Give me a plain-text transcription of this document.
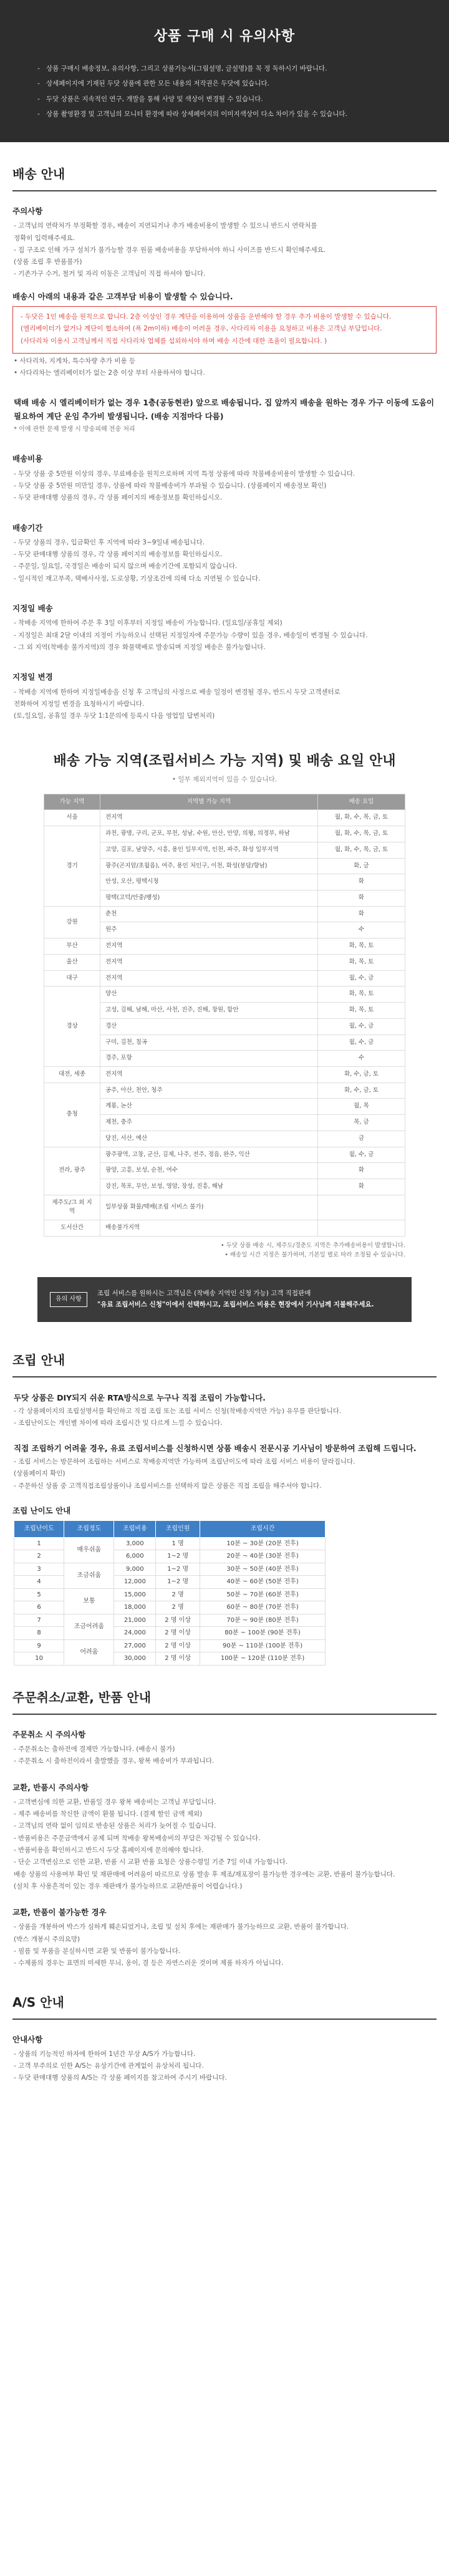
상품 구매 시 유의사항
- 상품 구매시 배송정보, 유의사항, 그리고 상품기능서(그림설명, 글설명)를 꼭 정 독하시기 바랍니다.
- 상세페이지에 기재된 두닷 상품에 관한 모든 내용의 저작권은 두닷에 있습니다.
- 두닷 상품은 지속적인 연구, 개발을 통해 사양 및 색상이 변경될 수 있습니다.
- 상품 촬영환경 및 고객님의 모니터 환경에 따라 상세페이지의 이미지색상이 다소 차이가 있을 수 있습니다.
배송 안내
주의사항
- 고객님의 연락처가 부정확할 경우, 배송이 지연되거나 추가 배송비용이 발생할 수 있으니 반드시 연락처를
정확히 입력해주세요.
- 집 구조로 인해 가구 설치가 불가능할 경우 원룸 배송비용을 부담하셔야 하니 사이즈를 반드시 확인해주세요.
(상품 조립 후 반품불가)
- 기존가구 수거, 철거 및 자리 이동은 고객님이 직접 하셔야 합니다.
배송시 아래의 내용과 같은 고객부담 비용이 발생할 수 있습니다.
- 두닷은 1인 배송을 원칙으로 합니다. 2층 이상인 경우 계단을 이용하여 상품을 운반해야 할 경우 추가 비용이 발생할 수 있습니다.
(엘리베이터가 없거나 계단이 협소하여 (폭 2m이하) 배송이 어려울 경우, 사다리차 이용을 요청하고 비용은 고객님 부담입니다.
(사다리차 이용시 고객님께서 직접 사다리차 업체를 섭외하셔야 하며 배송 시간에 대한 조율이 필요합니다. )
• 사다리차, 지게차, 특수차량 추가 비용 등
• 사다리차는 엘리베이터가 없는 2층 이상 부터 사용하셔야 합니다.
택배 배송 시 엘리베이터가 없는 경우 1층(공동현관) 앞으로 배송됩니다. 집 앞까지 배송을 원하는 경우 가구 이동에 도움이 필요하여 계단 운임 추가비 발생됩니다. (배송 지점마다 다름)
* 이에 관한 문제 발생 시 방송피해 전송 처리
배송비용
- 두닷 상품 중 5만원 이상의 경우, 무료배송을 원칙으로하며 지역 특정 상품에 따라 착불배송비용이 발생할 수 있습니다.
- 두닷 상품 중 5만원 미만일 경우, 상품에 따라 착불배송비가 부과될 수 있습니다. (상품페이지 배송정보 확인)
- 두닷 판매대행 상품의 경우, 각 상품 페이지의 배송정보를 확인하십시오.
배송기간
- 두닷 상품의 경우, 입금확인 후 지역에 따라 3~9일내 배송됩니다.
- 두닷 판매대행 상품의 경우, 각 상품 페이지의 배송정보를 확인하십시오.
- 주문일, 일요일, 국경일은 배송이 되지 않으며 배송기간에 포함되지 않습니다.
- 일시적인 재고부족, 택배사사정, 도로상황, 기상조건에 의해 다소 지연될 수 있습니다.
지정일 배송
- 착배송 지역에 한하여 주문 후 3일 이후부터 지정일 배송이 가능합니다. (일요일/공휴일 제외)
- 지정일은 최대 2달 이내의 지정이 가능하오니 선택된 지정일자에 주문가능 수량이 있을 경우, 배송일이 변경될 수 있습니다.
- 그 외 지역(착배송 불가지역)의 경우 화물택배로 발송되며 지정일 배송은 불가능합니다.
지정일 변경
- 착배송 지역에 한하여 지정일배송을 신청 후 고객님의 사정으로 배송 일정이 변경될 경우, 반드시 두닷 고객센터로
전화하여 지정일 변경을 요청하시기 바랍니다.
(토,일요일, 공휴일 경우 두닷 1:1문의에 등록시 다음 영업일 답변처리)
배송 가능 지역(조립서비스 가능 지역) 및 배송 요일 안내
• 일부 제외지역이 있을 수 있습니다.
가능 지역	지역별 가능 지역	배송 요일
서울	전지역	월, 화, 수, 목, 금, 토
경기	과천, 광명, 구리, 군포, 부천, 성남, 수원, 안산, 안양, 의왕, 의정부, 하남	월, 화, 수, 목, 금, 토
	고양, 김포, 남양주, 시흥, 용인 일부지역, 인천, 파주, 화성 일부지역	월, 화, 수, 목, 금, 토
	광주(곤지암/초월읍), 여주, 용인 처인구, 이천, 화성(봉담/향남)	화, 금
	안성, 오산, 평택시청	화
	평택(고덕/안중/팽성)	화
강원	춘천	화
	원주	수
부산	전지역	화, 목, 토
울산	전지역	화, 목, 토
대구	전지역	월, 수, 금
경상	양산	화, 목, 토
	고성, 김해, 남해, 마산, 사천, 진주, 진해, 창원, 함안	화, 목, 토
	경산	월, 수, 금
	구미, 김천, 칠곡	월, 수, 금
	경주, 포항	수
대전, 세종	전지역	화, 수, 금, 토
충청	공주, 아산, 천안, 청주	화, 수, 금, 토
	계룡, 논산	월, 목
	제천, 충주	목, 금
	당진, 서산, 예산	금
전라, 광주	광주광역, 고창, 군산, 김제, 나주, 전주, 정읍, 완주, 익산	월, 수, 금
	광양, 고흥, 보성, 순천, 여수	화
	강진, 목포, 무안, 보성, 영암, 장성, 진흥, 해남	화
제주도/그 외 지역	일부상품 화물/택배(조립 서비스 불가)	
도서산간	배송불가지역	
• 두닷 상품 배송 시, 제주도/경춘도 지역은 추가배송비용이 발생합니다.
• 배송일 시간 지정은 불가하며, 기본일 별로 따라 조정될 수 있습니다.
유의 사항
조립 서비스를 원하시는 고객님은 (착배송 지역인 신청 가능) 고객 직접판매
"유료 조립서비스 신청"이에서 선택하시고, 조립서비스 비용은 현장에서 기사님께 지불해주세요.
조립 안내
두닷 상품은 DIY되지 쉬운 RTA방식으로 누구나 직접 조립이 가능합니다.
- 각 상품페이지의 조립설명서를 확인하고 직접 조립 또는 조립 서비스 신청(착배송지역만 가능) 유무를 판단합니다.
- 조립난이도는 개인별 차이에 따라 조립시간 및 다르게 느낄 수 있습니다.
직접 조립하기 어려울 경우, 유료 조립서비스를 신청하시면 상품 배송시 전문시공 기사님이 방문하여 조립해 드립니다.
- 조립 서비스는 방문하여 조립하는 서비스로 착배송지역만 가능하며 조립난이도에 따라 조립 서비스 비용이 달라집니다.
(상품페이지 확인)
- 주문하신 상품 중 고객직접조립상품이나 조립서비스를 선택하지 않은 상품은 직접 조립을 해주셔야 합니다.
조립 난이도 안내
조립난이도	조립정도	조립비용	조립인원	조립시간
1	매우쉬움	3,000	1 명	10분 ~ 30분 (20분 전후)
2		6,000	1~2 명	20분 ~ 40분 (30분 전후)
3	조금쉬움	9,000	1~2 명	30분 ~ 50분 (40분 전후)
4		12,000	1~2 명	40분 ~ 60분 (50분 전후)
5	보통	15,000	2 명	50분 ~ 70분 (60분 전후)
6		18,000	2 명	60분 ~ 80분 (70분 전후)
7	조금어려움	21,000	2 명 이상	70분 ~ 90분 (80분 전후)
8		24,000	2 명 이상	80분 ~ 100분 (90분 전후)
9	어려움	27,000	2 명 이상	90분 ~ 110분 (100분 전후)
10		30,000	2 명 이상	100분 ~ 120분 (110분 전후)
주문취소/교환, 반품 안내
주문취소 시 주의사항
- 주문취소는 출하전에 결제만 가능합니다. (배송시 불가)
- 주문취소 시 출하전이라서 출발했을 경우, 왕복 배송비가 부과됩니다.
교환, 반품시 주의사항
- 고객변심에 의한 교환, 반품일 경우 왕복 배송비는 고객님 부담입니다.
- 제주 배송비를 착신한 금액이 환불 됩니다. (결제 할인 금액 제외)
- 고객님의 연락 없이 임의로 반송된 상품은 처리가 늦어질 수 있습니다.
- 반품비용은 주문금액에서 공제 되며 착배송 왕복배송비의 부담은 차감될 수 있습니다.
- 반품비용을 확인하시고 반드시 두닷 홈페이지에 문의해야 합니다.
- 단순 고객변심으로 인한 교환, 반품 시 교환 반품 요청은 상품수령일 기준 7일 이내 가능합니다.
배송 상품의 사용여부 확인 및 재판매에 어려움이 따르므로 상품 발송 후 제조/재포장이 불가능한 경우에는 교환, 반품이 불가능합니다.
(설치 후 사용흔적이 있는 경우 재판매가 불가능하므로 교환/반품이 어렵습니다.)
교환, 반품이 불가능한 경우
- 상품을 개봉하여 박스가 심하게 훼손되었거나, 조립 및 설치 후에는 재판매가 불가능하므로 교환, 반품이 불가합니다.
(박스 개봉시 주의요망)
- 필름 및 부품을 분실하시면 교환 및 반품이 불가능합니다.
- 수제품의 경우는 표면의 미세한 무늬, 옹이, 결 등은 자연스러운 것이며 제품 하자가 아닙니다.
A/S 안내
안내사항
- 상품의 기능적인 하자에 한하여 1년간 무상 A/S가 가능합니다.
- 고객 부주의로 인한 A/S는 유상기간에 관계없이 유상처리 됩니다.
- 두닷 판매대행 상품의 A/S는 각 상품 페이지를 참고하여 주시기 바랍니다.
